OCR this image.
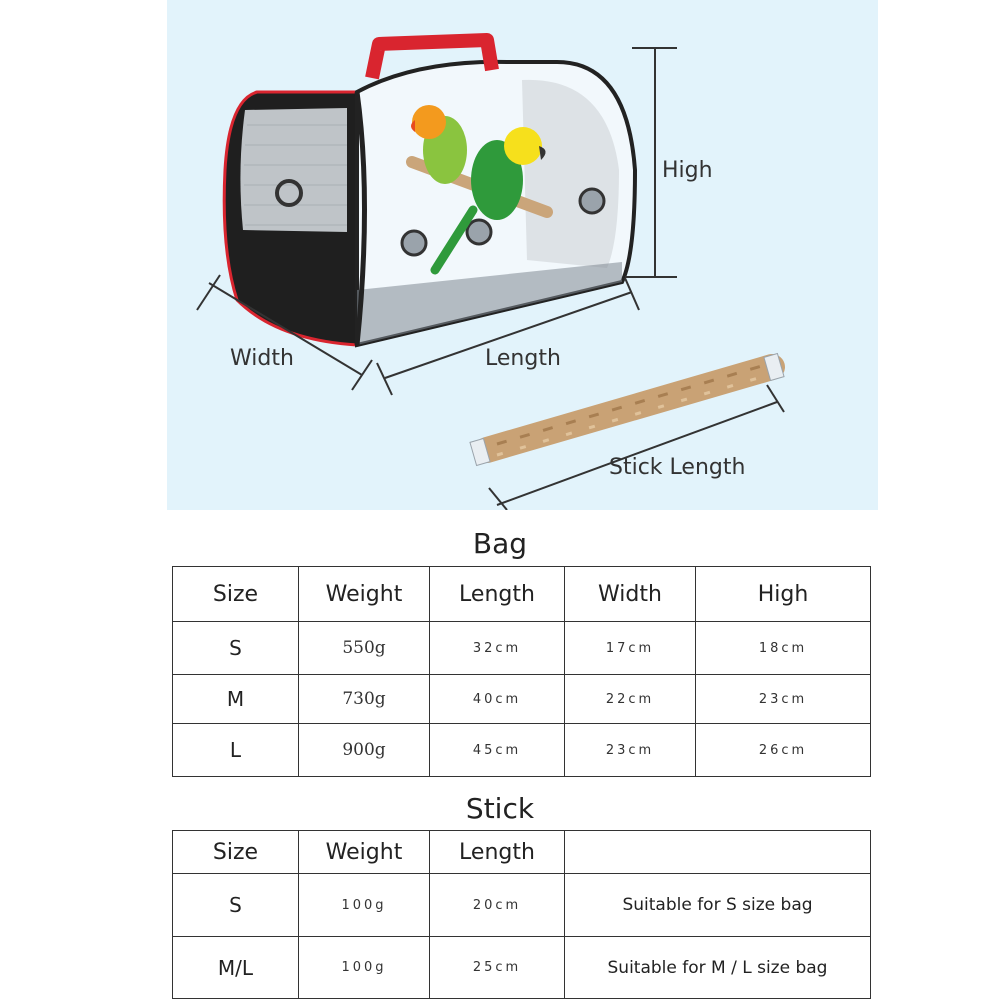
High
Width	Length
Stick Length
Bag
Size	Weight	Length	Width	High
S	550g	32cm	17cm	18cm
M	730g	40cm	22cm	23cm
L	900g	45cm	23cm	26cm
Stick
Size	Weight	Length	
S	100g	20cm	Suitable for S size bag
M/L	100g	25cm	Suitable for M / L size bag
